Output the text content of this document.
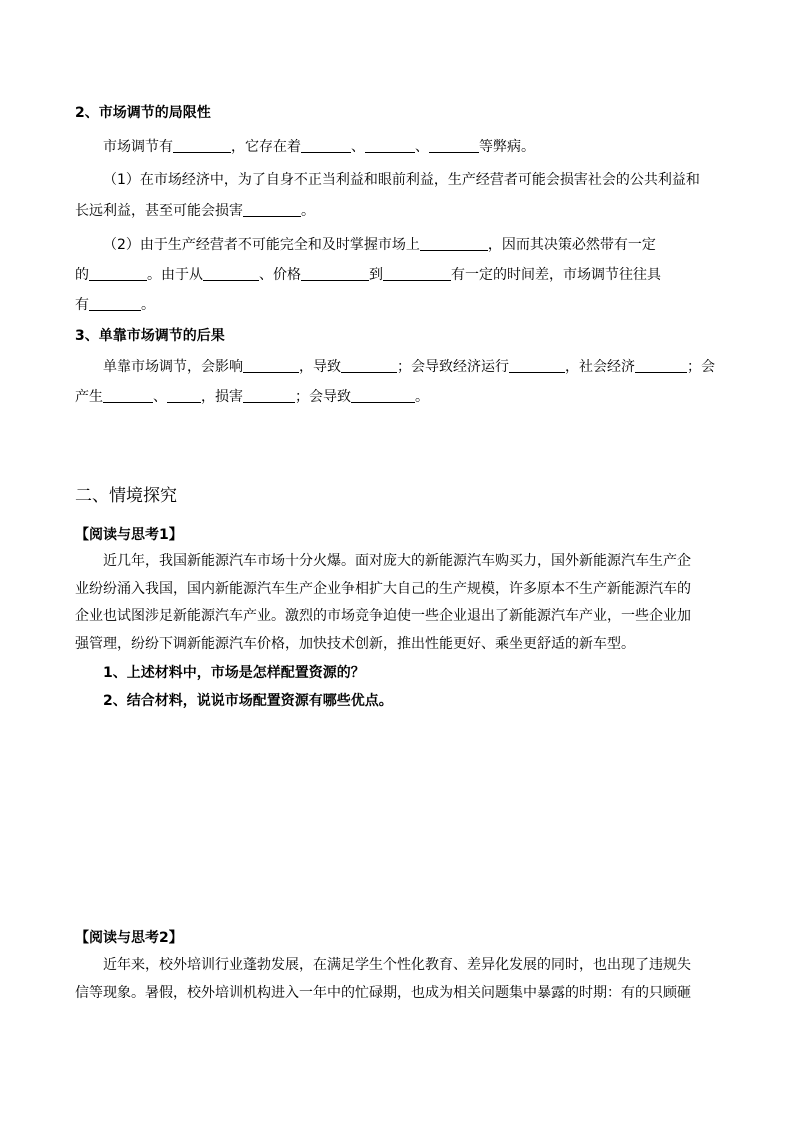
2、市场调节的局限性
市场调节有	，它存在着	、	、	等弊病。
（1）在市场经济中，为了自身不正当利益和眼前利益，生产经营者可能会损害社会的公共利益和
长远利益，甚至可能会损害	。
（2）由于生产经营者不可能完全和及时掌握市场上	，因而其决策必然带有一定
的	。由于从	、价格	到	有一定的时间差，市场调节往往具
有	。
3、单靠市场调节的后果
单靠市场调节，会影响	，导致	；会导致经济运行	，社会经济	；会
产生	、 ，损害	；会导致	。
二、情境探究
【阅读与思考1】
近几年，我国新能源汽车市场十分火爆。面对庞大的新能源汽车购买力，国外新能源汽车生产企
业纷纷涌入我国，国内新能源汽车生产企业争相扩大自己的生产规模，许多原本不生产新能源汽车的
企业也试图涉足新能源汽车产业。激烈的市场竞争迫使一些企业退出了新能源汽车产业，一些企业加
强管理，纷纷下调新能源汽车价格，加快技术创新，推出性能更好、乘坐更舒适的新车型。
1、上述材料中，市场是怎样配置资源的？
2、结合材料，说说市场配置资源有哪些优点。
【阅读与思考2】
近年来，校外培训行业蓬勃发展，在满足学生个性化教育、差异化发展的同时，也出现了违规失
信等现象。暑假，校外培训机构进入一年中的忙碌期，也成为相关问题集中暴露的时期：有的只顾砸
